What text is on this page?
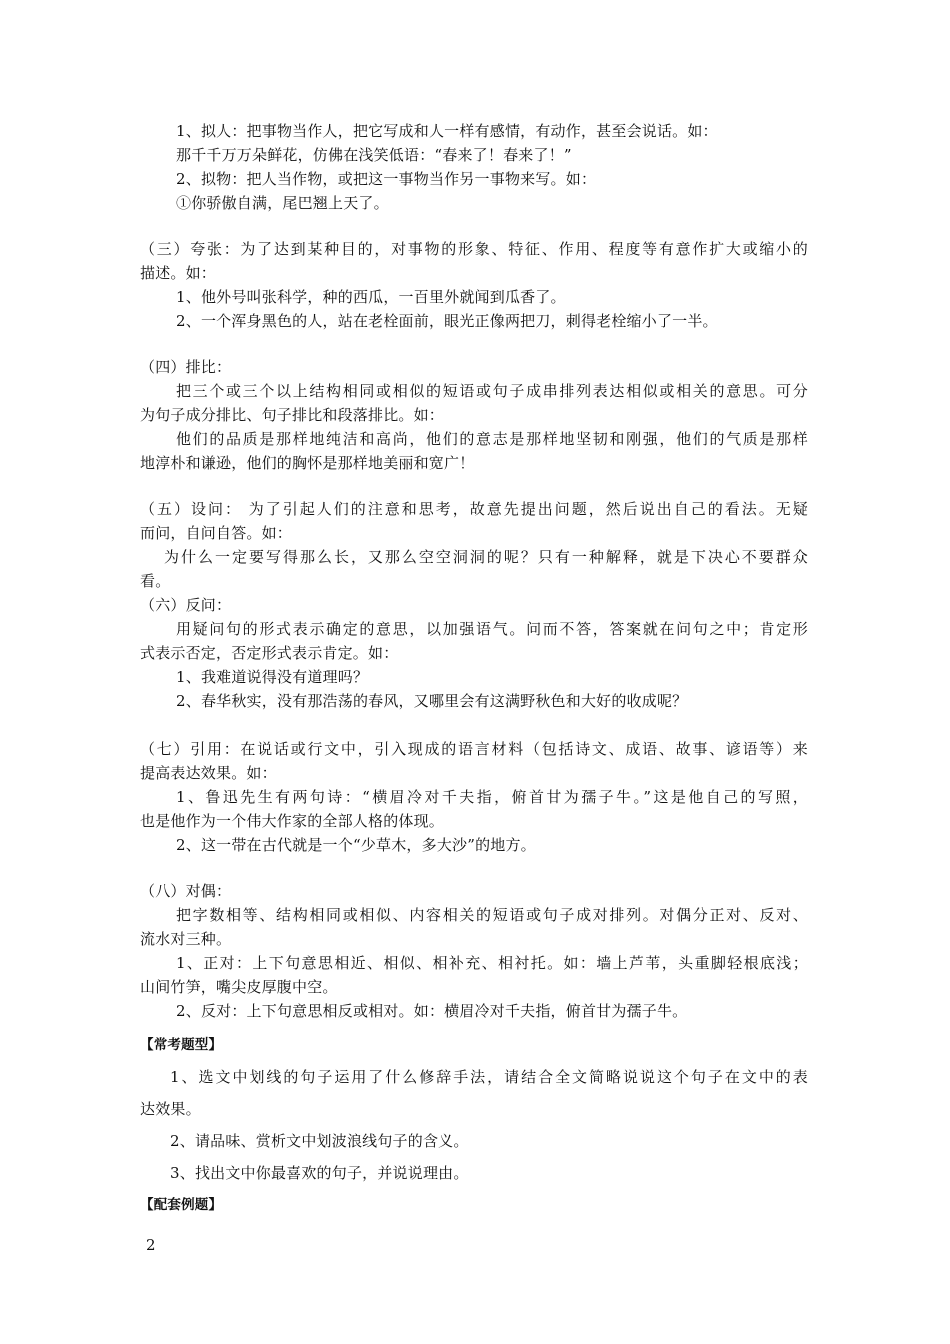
1、拟人：把事物当作人，把它写成和人一样有感情，有动作，甚至会说话。如：
那千千万万朵鲜花，仿佛在浅笑低语：“春来了！春来了！”
2、拟物：把人当作物，或把这一事物当作另一事物来写。如：
①你骄傲自满，尾巴翘上天了。
（三）夸张：为了达到某种目的，对事物的形象、特征、作用、程度等有意作扩大或缩小的
描述。如：
1、他外号叫张科学，种的西瓜，一百里外就闻到瓜香了。
2、一个浑身黑色的人，站在老栓面前，眼光正像两把刀，刺得老栓缩小了一半。
（四）排比：
把三个或三个以上结构相同或相似的短语或句子成串排列表达相似或相关的意思。可分
为句子成分排比、句子排比和段落排比。如：
他们的品质是那样地纯洁和高尚，他们的意志是那样地坚韧和刚强，他们的气质是那样
地淳朴和谦逊，他们的胸怀是那样地美丽和宽广！
（五）设问： 为了引起人们的注意和思考，故意先提出问题，然后说出自己的看法。无疑
而问，自问自答。如：
为什么一定要写得那么长，又那么空空洞洞的呢？只有一种解释，就是下决心不要群众
看。
（六）反问：
用疑问句的形式表示确定的意思，以加强语气。问而不答，答案就在问句之中；肯定形
式表示否定，否定形式表示肯定。如：
1、我难道说得没有道理吗？
2、春华秋实，没有那浩荡的春风，又哪里会有这满野秋色和大好的收成呢？
（七）引用：在说话或行文中，引入现成的语言材料（包括诗文、成语、故事、谚语等）来
提高表达效果。如：
1、鲁迅先生有两句诗：“横眉冷对千夫指，俯首甘为孺子牛。”这是他自己的写照，
也是他作为一个伟大作家的全部人格的体现。
2、这一带在古代就是一个“少草木，多大沙”的地方。
（八）对偶：
把字数相等、结构相同或相似、内容相关的短语或句子成对排列。对偶分正对、反对、
流水对三种。
1、正对：上下句意思相近、相似、相补充、相衬托。如：墙上芦苇，头重脚轻根底浅；
山间竹笋，嘴尖皮厚腹中空。
2、反对：上下句意思相反或相对。如：横眉冷对千夫指，俯首甘为孺子牛。
【常考题型】
1、选文中划线的句子运用了什么修辞手法，请结合全文简略说说这个句子在文中的表
达效果。
2、请品味、赏析文中划波浪线句子的含义。
3、找出文中你最喜欢的句子，并说说理由。
【配套例题】
2
